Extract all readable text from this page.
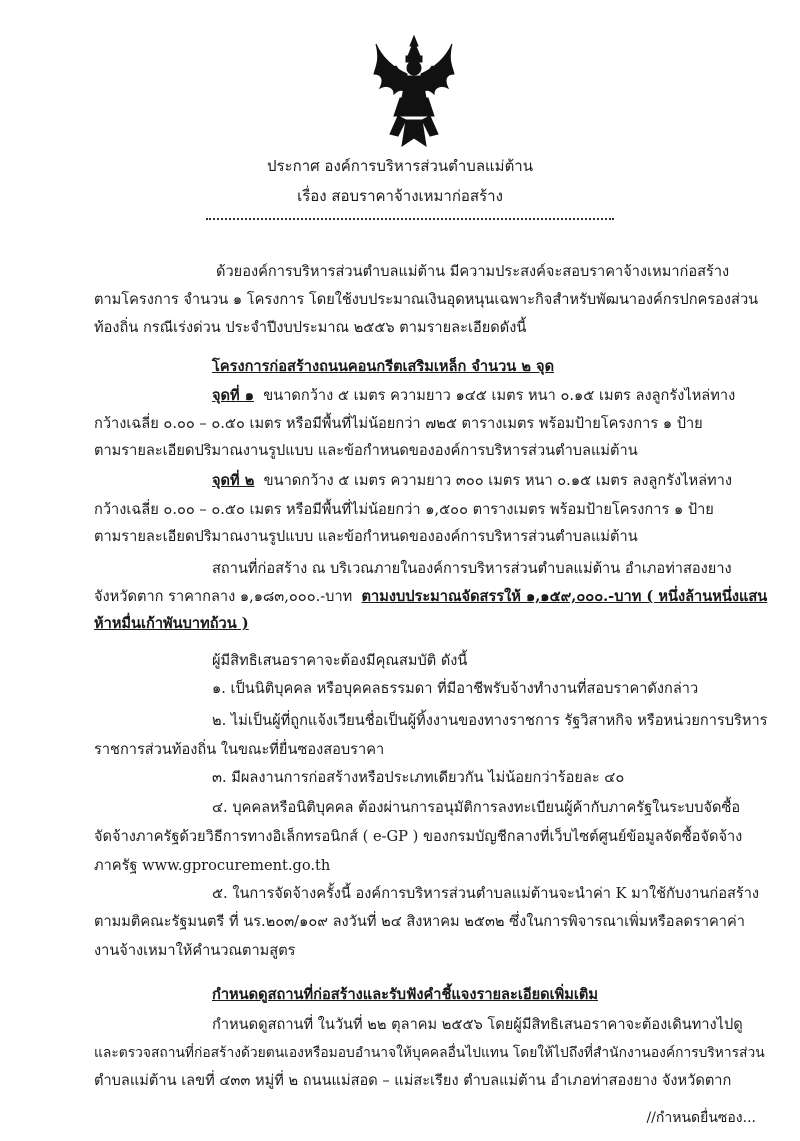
ประกาศ องค์การบริหารส่วนตำบลแม่ต้าน
เรื่อง สอบราคาจ้างเหมาก่อสร้าง
ด้วยองค์การบริหารส่วนตำบลแม่ต้าน มีความประสงค์จะสอบราคาจ้างเหมาก่อสร้าง
ตามโครงการ จำนวน ๑ โครงการ โดยใช้งบประมาณเงินอุดหนุนเฉพาะกิจสำหรับพัฒนาองค์กรปกครองส่วน
ท้องถิ่น กรณีเร่งด่วน ประจำปีงบประมาณ ๒๕๕๖ ตามรายละเอียดดังนี้
โครงการก่อสร้างถนนคอนกรีตเสริมเหล็ก จำนวน ๒ จุด
จุดที่ ๑ ขนาดกว้าง ๕ เมตร ความยาว ๑๔๕ เมตร หนา ๐.๑๕ เมตร ลงลูกรังไหล่ทาง
กว้างเฉลี่ย ๐.๐๐ – ๐.๕๐ เมตร หรือมีพื้นที่ไม่น้อยกว่า ๗๒๕ ตารางเมตร พร้อมป้ายโครงการ ๑ ป้าย
ตามรายละเอียดปริมาณงานรูปแบบ และข้อกำหนดขององค์การบริหารส่วนตำบลแม่ต้าน
จุดที่ ๒ ขนาดกว้าง ๕ เมตร ความยาว ๓๐๐ เมตร หนา ๐.๑๕ เมตร ลงลูกรังไหล่ทาง
กว้างเฉลี่ย ๐.๐๐ – ๐.๕๐ เมตร หรือมีพื้นที่ไม่น้อยกว่า ๑,๕๐๐ ตารางเมตร พร้อมป้ายโครงการ ๑ ป้าย
ตามรายละเอียดปริมาณงานรูปแบบ และข้อกำหนดขององค์การบริหารส่วนตำบลแม่ต้าน
สถานที่ก่อสร้าง ณ บริเวณภายในองค์การบริหารส่วนตำบลแม่ต้าน อำเภอท่าสองยาง
จังหวัดตาก ราคากลาง ๑,๑๘๓,๐๐๐.-บาท ตามงบประมาณจัดสรรให้ ๑,๑๕๙,๐๐๐.-บาท ( หนึ่งล้านหนึ่งแสน
ห้าหมื่นเก้าพันบาทถ้วน )
ผู้มีสิทธิเสนอราคาจะต้องมีคุณสมบัติ ดังนี้
๑. เป็นนิติบุคคล หรือบุคคลธรรมดา ที่มีอาชีพรับจ้างทำงานที่สอบราคาดังกล่าว
๒. ไม่เป็นผู้ที่ถูกแจ้งเวียนชื่อเป็นผู้ทิ้งงานของทางราชการ รัฐวิสาหกิจ หรือหน่วยการบริหาร
ราชการส่วนท้องถิ่น ในขณะที่ยื่นซองสอบราคา
๓. มีผลงานการก่อสร้างหรือประเภทเดียวกัน ไม่น้อยกว่าร้อยละ ๔๐
๔. บุคคลหรือนิติบุคคล ต้องผ่านการอนุมัติการลงทะเบียนผู้ค้ากับภาครัฐในระบบจัดซื้อ
จัดจ้างภาครัฐด้วยวิธีการทางอิเล็กทรอนิกส์ ( e-GP ) ของกรมบัญชีกลางที่เว็บไซต์ศูนย์ข้อมูลจัดซื้อจัดจ้าง
ภาครัฐ www.gprocurement.go.th
๕. ในการจัดจ้างครั้งนี้ องค์การบริหารส่วนตำบลแม่ต้านจะนำค่า K มาใช้กับงานก่อสร้าง
ตามมติคณะรัฐมนตรี ที่ นร.๒๐๓/๑๐๙ ลงวันที่ ๒๔ สิงหาคม ๒๕๓๒ ซึ่งในการพิจารณาเพิ่มหรือลดราคาค่า
งานจ้างเหมาให้คำนวณตามสูตร
กำหนดดูสถานที่ก่อสร้างและรับฟังคำชี้แจงรายละเอียดเพิ่มเติม
กำหนดดูสถานที่ ในวันที่ ๒๒ ตุลาคม ๒๕๕๖ โดยผู้มีสิทธิเสนอราคาจะต้องเดินทางไปดู
และตรวจสถานที่ก่อสร้างด้วยตนเองหรือมอบอำนาจให้บุคคลอื่นไปแทน โดยให้ไปถึงที่สำนักงานองค์การบริหารส่วน
ตำบลแม่ต้าน เลขที่ ๔๓๓ หมู่ที่ ๒ ถนนแม่สอด – แม่สะเรียง ตำบลแม่ต้าน อำเภอท่าสองยาง จังหวัดตาก
//กำหนดยื่นซอง...
